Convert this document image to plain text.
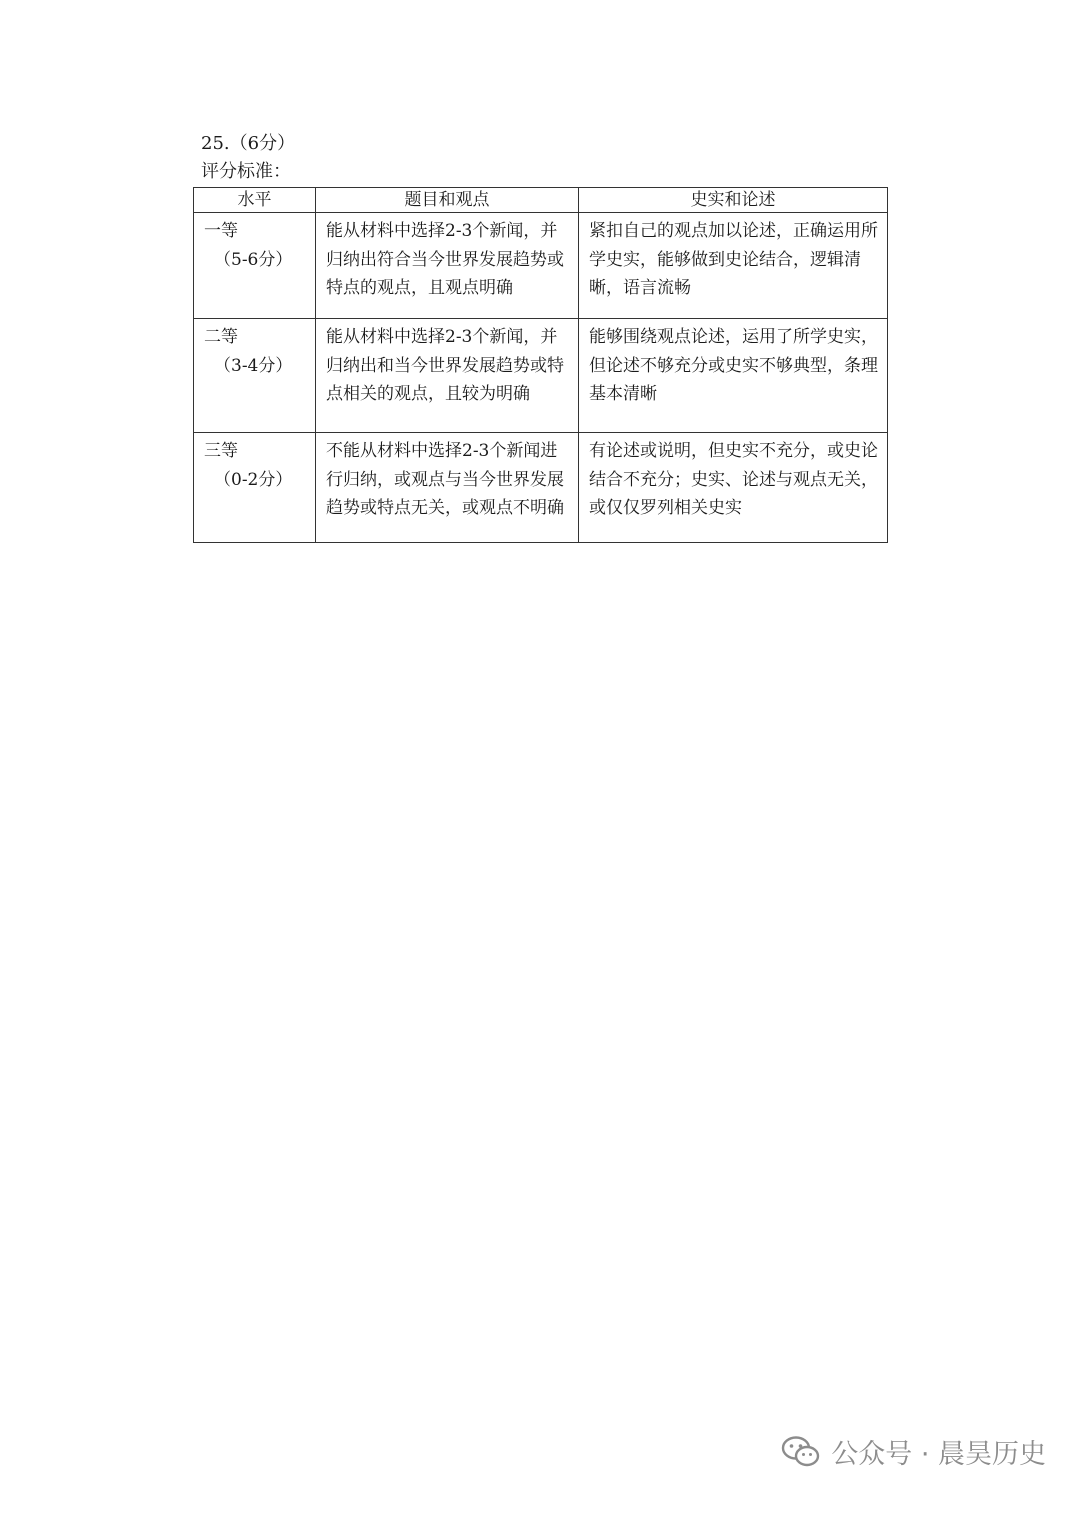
25.（6分）
评分标准：
水平	题目和观点	史实和论述

一等
（5-6分）	能从材料中选择2-3个新闻，并归纳出符合当今世界发展趋势或特点的观点，且观点明确	紧扣自己的观点加以论述，正确运用所学史实，能够做到史论结合，逻辑清晰，语言流畅

二等
（3-4分）	能从材料中选择2-3个新闻，并归纳出和当今世界发展趋势或特点相关的观点，且较为明确	能够围绕观点论述，运用了所学史实，但论述不够充分或史实不够典型，条理基本清晰

三等
（0-2分）	不能从材料中选择2-3个新闻进行归纳，或观点与当今世界发展趋势或特点无关，或观点不明确	有论述或说明，但史实不充分，或史论结合不充分；史实、论述与观点无关，或仅仅罗列相关史实
公众号 · 晨昊历史
